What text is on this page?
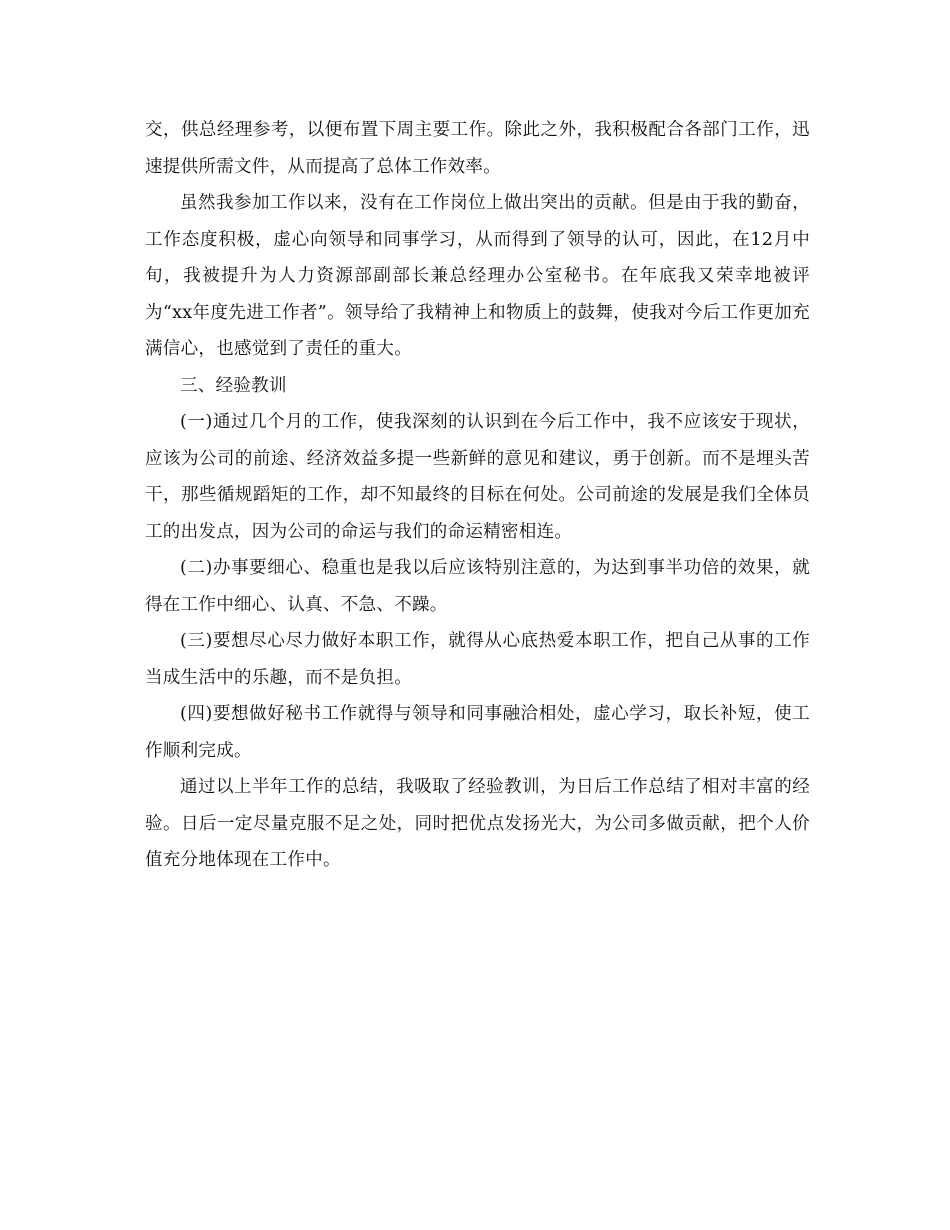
交，供总经理参考，以便布置下周主要工作。除此之外，我积极配合各部门工作，迅速提供所需文件，从而提高了总体工作效率。

虽然我参加工作以来，没有在工作岗位上做出突出的贡献。但是由于我的勤奋，工作态度积极，虚心向领导和同事学习，从而得到了领导的认可，因此，在12月中旬，我被提升为人力资源部副部长兼总经理办公室秘书。在年底我又荣幸地被评为“xx年度先进工作者”。领导给了我精神上和物质上的鼓舞，使我对今后工作更加充满信心，也感觉到了责任的重大。

三、经验教训

(一)通过几个月的工作，使我深刻的认识到在今后工作中，我不应该安于现状，应该为公司的前途、经济效益多提一些新鲜的意见和建议，勇于创新。而不是埋头苦干，那些循规蹈矩的工作，却不知最终的目标在何处。公司前途的发展是我们全体员工的出发点，因为公司的命运与我们的命运精密相连。

(二)办事要细心、稳重也是我以后应该特别注意的，为达到事半功倍的效果，就得在工作中细心、认真、不急、不躁。

(三)要想尽心尽力做好本职工作，就得从心底热爱本职工作，把自己从事的工作当成生活中的乐趣，而不是负担。

(四)要想做好秘书工作就得与领导和同事融洽相处，虚心学习，取长补短，使工作顺利完成。

通过以上半年工作的总结，我吸取了经验教训，为日后工作总结了相对丰富的经验。日后一定尽量克服不足之处，同时把优点发扬光大，为公司多做贡献，把个人价值充分地体现在工作中。
